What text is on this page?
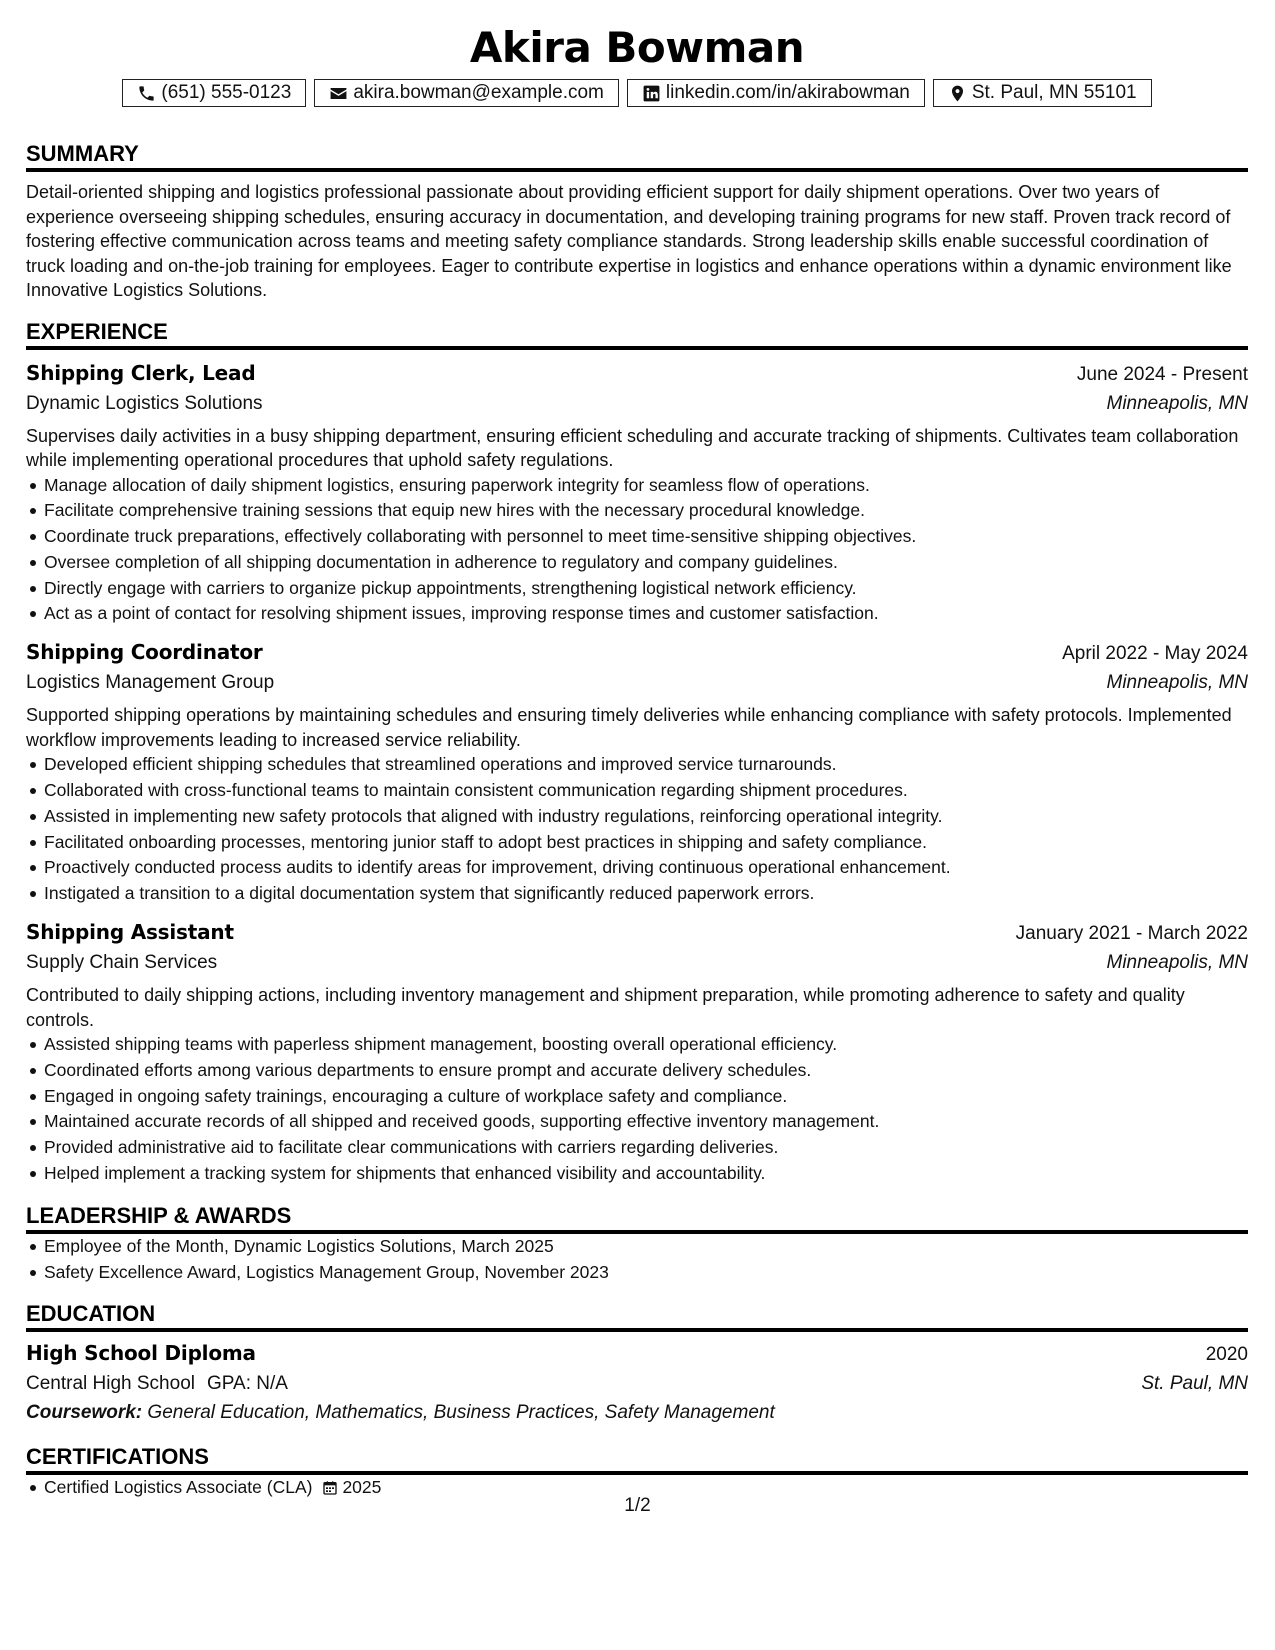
Akira Bowman
(651) 555-0123	akira.bowman@example.com	linkedin.com/in/akirabowman	St. Paul, MN 55101
SUMMARY
Detail-oriented shipping and logistics professional passionate about providing efficient support for daily shipment operations. Over two years of experience overseeing shipping schedules, ensuring accuracy in documentation, and developing training programs for new staff. Proven track record of fostering effective communication across teams and meeting safety compliance standards. Strong leadership skills enable successful coordination of truck loading and on-the-job training for employees. Eager to contribute expertise in logistics and enhance operations within a dynamic environment like Innovative Logistics Solutions.
EXPERIENCE
Shipping Clerk, Lead	June 2024 - Present
Dynamic Logistics Solutions	Minneapolis, MN
Supervises daily activities in a busy shipping department, ensuring efficient scheduling and accurate tracking of shipments. Cultivates team collaboration while implementing operational procedures that uphold safety regulations.
Manage allocation of daily shipment logistics, ensuring paperwork integrity for seamless flow of operations.
Facilitate comprehensive training sessions that equip new hires with the necessary procedural knowledge.
Coordinate truck preparations, effectively collaborating with personnel to meet time-sensitive shipping objectives.
Oversee completion of all shipping documentation in adherence to regulatory and company guidelines.
Directly engage with carriers to organize pickup appointments, strengthening logistical network efficiency.
Act as a point of contact for resolving shipment issues, improving response times and customer satisfaction.
Shipping Coordinator	April 2022 - May 2024
Logistics Management Group	Minneapolis, MN
Supported shipping operations by maintaining schedules and ensuring timely deliveries while enhancing compliance with safety protocols. Implemented workflow improvements leading to increased service reliability.
Developed efficient shipping schedules that streamlined operations and improved service turnarounds.
Collaborated with cross-functional teams to maintain consistent communication regarding shipment procedures.
Assisted in implementing new safety protocols that aligned with industry regulations, reinforcing operational integrity.
Facilitated onboarding processes, mentoring junior staff to adopt best practices in shipping and safety compliance.
Proactively conducted process audits to identify areas for improvement, driving continuous operational enhancement.
Instigated a transition to a digital documentation system that significantly reduced paperwork errors.
Shipping Assistant	January 2021 - March 2022
Supply Chain Services	Minneapolis, MN
Contributed to daily shipping actions, including inventory management and shipment preparation, while promoting adherence to safety and quality controls.
Assisted shipping teams with paperless shipment management, boosting overall operational efficiency.
Coordinated efforts among various departments to ensure prompt and accurate delivery schedules.
Engaged in ongoing safety trainings, encouraging a culture of workplace safety and compliance.
Maintained accurate records of all shipped and received goods, supporting effective inventory management.
Provided administrative aid to facilitate clear communications with carriers regarding deliveries.
Helped implement a tracking system for shipments that enhanced visibility and accountability.
LEADERSHIP & AWARDS
Employee of the Month, Dynamic Logistics Solutions, March 2025
Safety Excellence Award, Logistics Management Group, November 2023
EDUCATION
High School Diploma	2020
Central High School GPA: N/A	St. Paul, MN
Coursework: General Education, Mathematics, Business Practices, Safety Management
CERTIFICATIONS
Certified Logistics Associate (CLA) 2025
1/2
